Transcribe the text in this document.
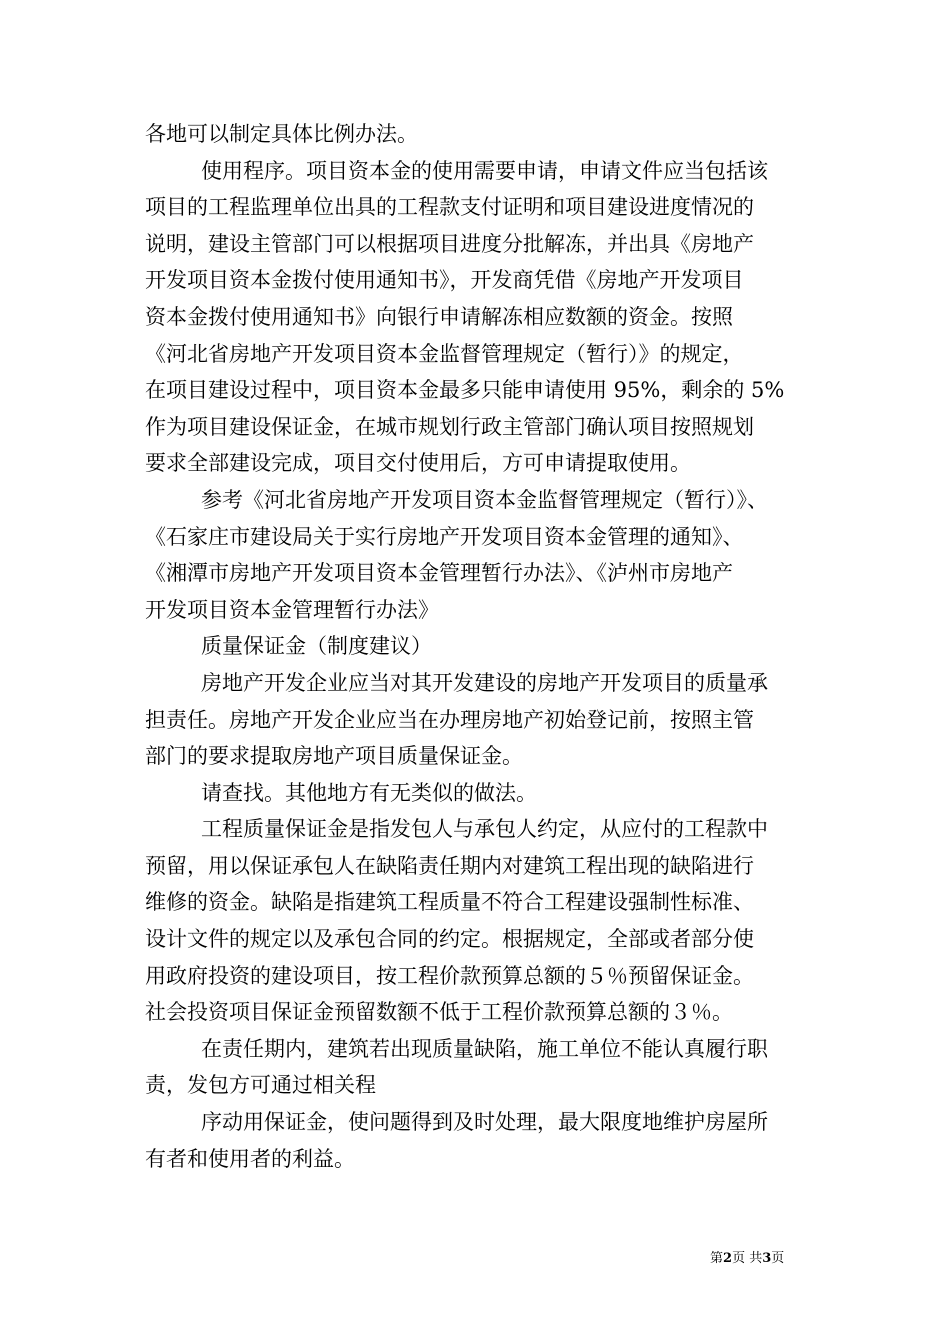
各地可以制定具体比例办法。
使用程序。项目资本金的使用需要申请，申请文件应当包括该
项目的工程监理单位出具的工程款支付证明和项目建设进度情况的
说明，建设主管部门可以根据项目进度分批解冻，并出具《房地产
开发项目资本金拨付使用通知书》，开发商凭借《房地产开发项目
资本金拨付使用通知书》向银行申请解冻相应数额的资金。按照
《河北省房地产开发项目资本金监督管理规定（暂行）》的规定，
在项目建设过程中，项目资本金最多只能申请使用 95%，剩余的 5%
作为项目建设保证金，在城市规划行政主管部门确认项目按照规划
要求全部建设完成，项目交付使用后，方可申请提取使用。
参考《河北省房地产开发项目资本金监督管理规定（暂行）》、
《石家庄市建设局关于实行房地产开发项目资本金管理的通知》、
《湘潭市房地产开发项目资本金管理暂行办法》、《泸州市房地产
开发项目资本金管理暂行办法》
质量保证金（制度建议）
房地产开发企业应当对其开发建设的房地产开发项目的质量承
担责任。房地产开发企业应当在办理房地产初始登记前，按照主管
部门的要求提取房地产项目质量保证金。
请查找。其他地方有无类似的做法。
工程质量保证金是指发包人与承包人约定，从应付的工程款中
预留，用以保证承包人在缺陷责任期内对建筑工程出现的缺陷进行
维修的资金。缺陷是指建筑工程质量不符合工程建设强制性标准、
设计文件的规定以及承包合同的约定。根据规定，全部或者部分使
用政府投资的建设项目，按工程价款预算总额的５％预留保证金。
社会投资项目保证金预留数额不低于工程价款预算总额的３％。
在责任期内，建筑若出现质量缺陷，施工单位不能认真履行职
责，发包方可通过相关程
序动用保证金，使问题得到及时处理，最大限度地维护房屋所
有者和使用者的利益。
第2页 共3页
